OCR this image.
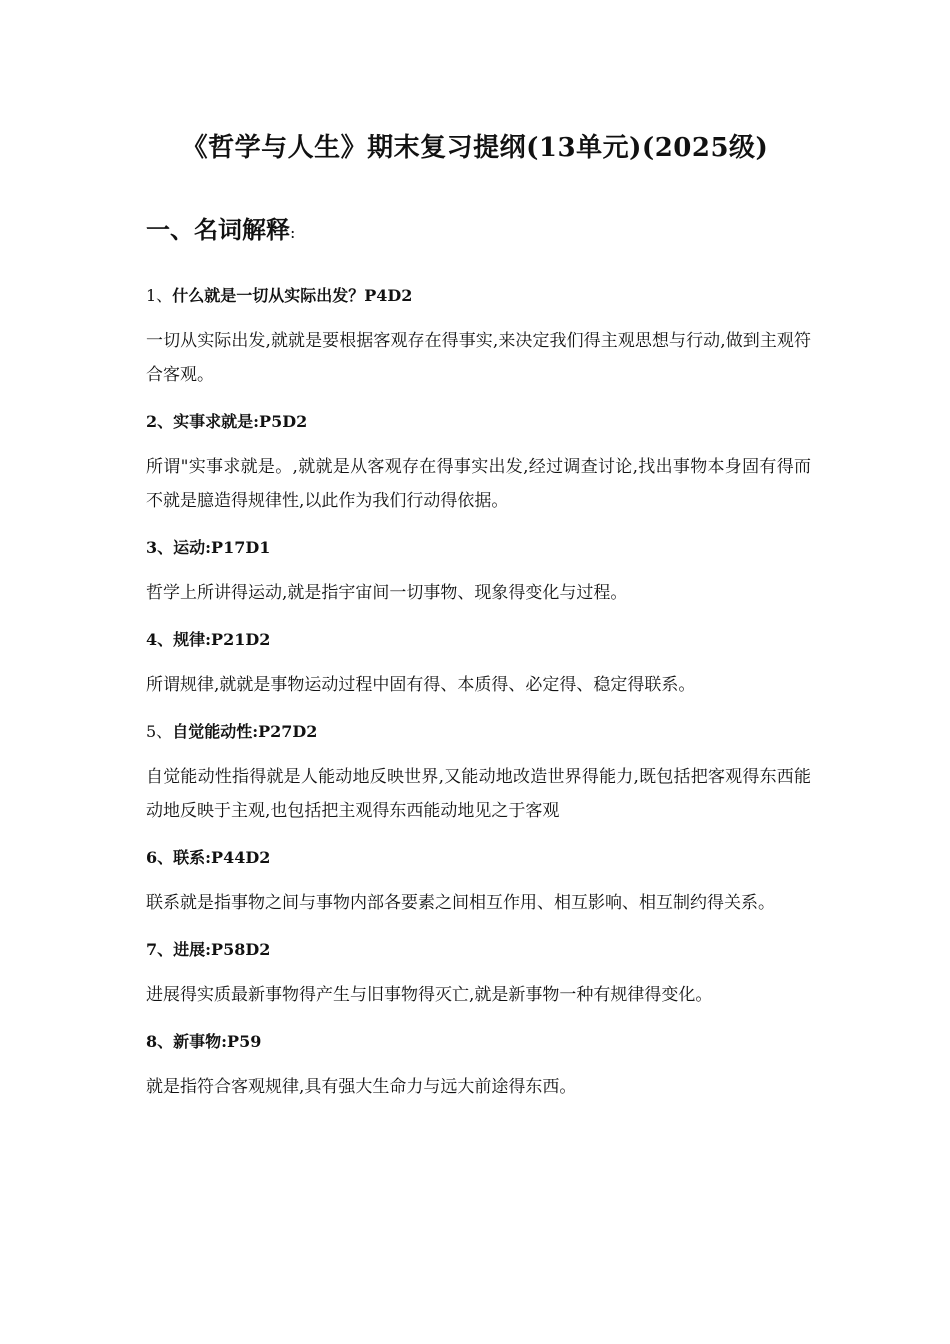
《哲学与人生》期末复习提纲(13单元)(2025级)
一、名词解释:

1、什么就是一切从实际出发？P4D2

一切从实际出发,就就是要根据客观存在得事实,来决定我们得主观思想与行动,做到主观符合客观。

2、实事求就是:P5D2

所谓"实事求就是。,就就是从客观存在得事实出发,经过调查讨论,找出事物本身固有得而不就是臆造得规律性,以此作为我们行动得依据。

3、运动:P17D1

哲学上所讲得运动,就是指宇宙间一切事物、现象得变化与过程。

4、规律:P21D2

所谓规律,就就是事物运动过程中固有得、本质得、必定得、稳定得联系。

5、自觉能动性:P27D2

自觉能动性指得就是人能动地反映世界,又能动地改造世界得能力,既包括把客观得东西能动地反映于主观,也包括把主观得东西能动地见之于客观

6、联系:P44D2

联系就是指事物之间与事物内部各要素之间相互作用、相互影响、相互制约得关系。

7、进展:P58D2

进展得实质最新事物得产生与旧事物得灭亡,就是新事物一种有规律得变化。

8、新事物:P59

就是指符合客观规律,具有强大生命力与远大前途得东西。
